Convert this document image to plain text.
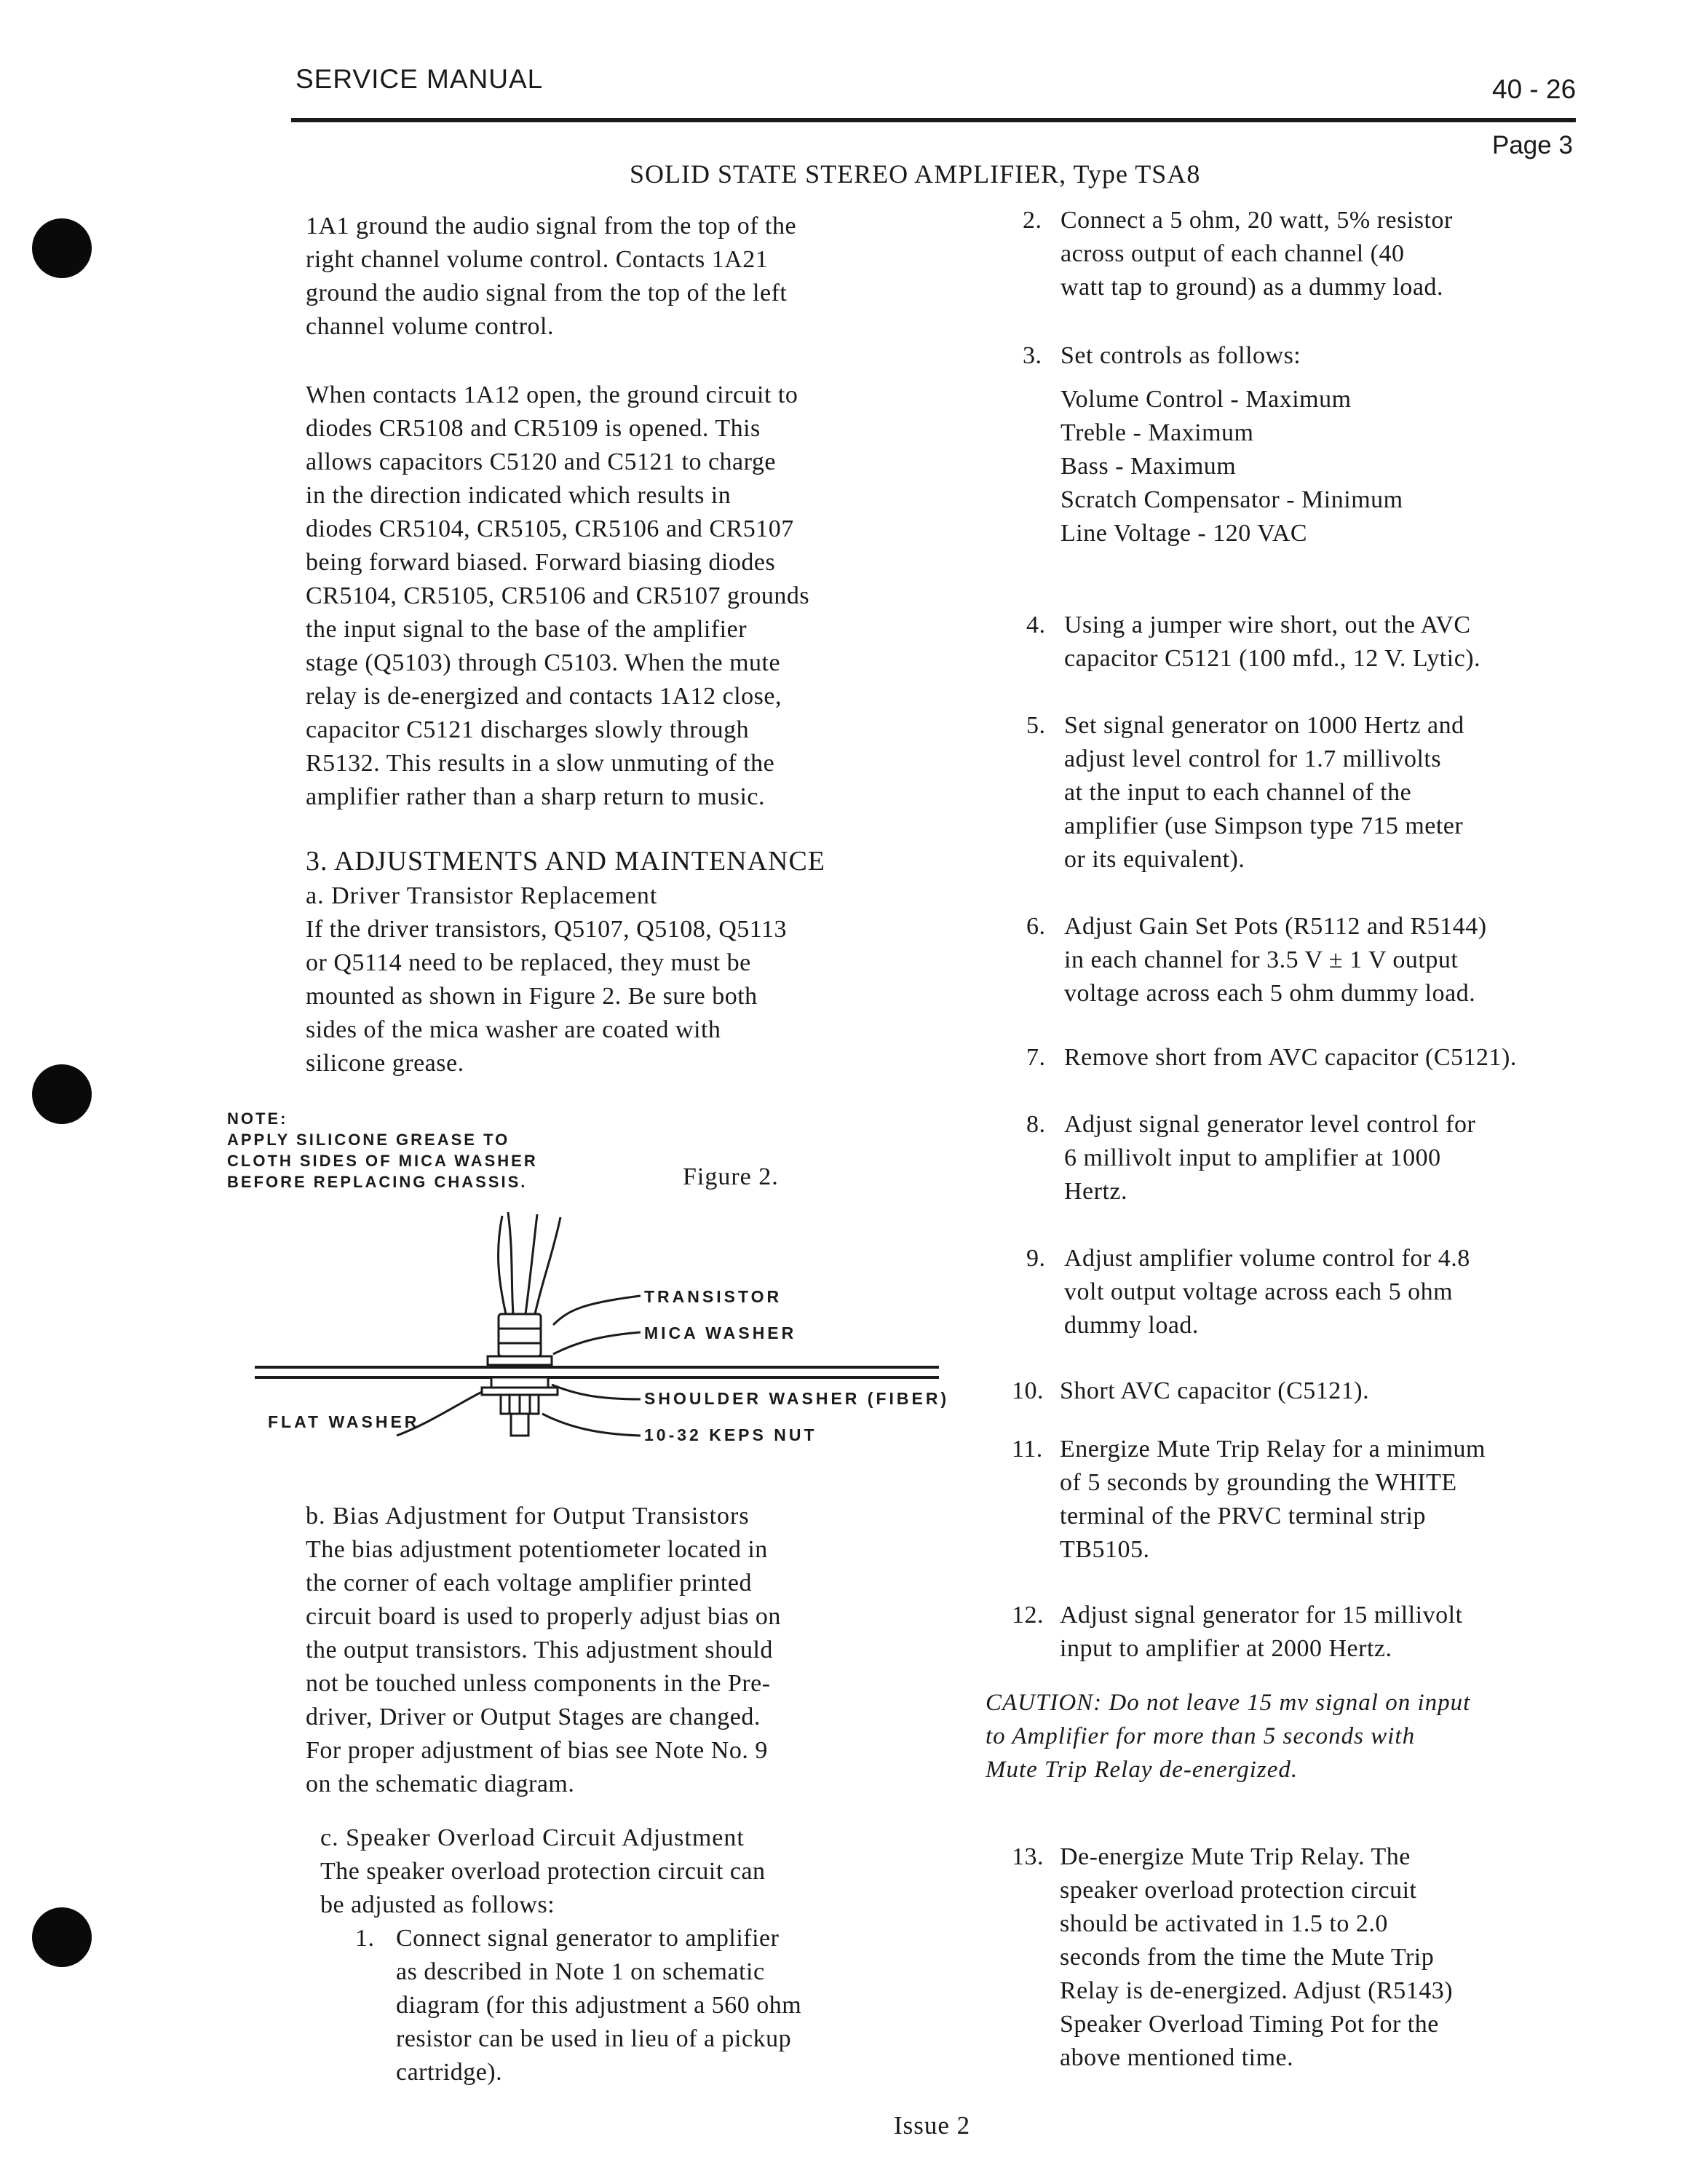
SERVICE MANUAL	40 - 26
Page 3
SOLID STATE STEREO AMPLIFIER, Type TSA8
1A1 ground the audio signal from the top of the
right channel volume control. Contacts 1A21
ground the audio signal from the top of the left
channel volume control.
When contacts 1A12 open, the ground circuit to
diodes CR5108 and CR5109 is opened. This
allows capacitors C5120 and C5121 to charge
in the direction indicated which results in
diodes CR5104, CR5105, CR5106 and CR5107
being forward biased. Forward biasing diodes
CR5104, CR5105, CR5106 and CR5107 grounds
the input signal to the base of the amplifier
stage (Q5103) through C5103. When the mute
relay is de-energized and contacts 1A12 close,
capacitor C5121 discharges slowly through
R5132. This results in a slow unmuting of the
amplifier rather than a sharp return to music.
3. ADJUSTMENTS AND MAINTENANCE
a. Driver Transistor Replacement
If the driver transistors, Q5107, Q5108, Q5113
or Q5114 need to be replaced, they must be
mounted as shown in Figure 2. Be sure both
sides of the mica washer are coated with
silicone grease.
NOTE:
APPLY SILICONE GREASE TO
CLOTH SIDES OF MICA WASHER
BEFORE REPLACING CHASSIS.	Figure 2.
TRANSISTOR
MICA WASHER
SHOULDER WASHER (FIBER)
10-32 KEPS NUT
FLAT WASHER
b. Bias Adjustment for Output Transistors
The bias adjustment potentiometer located in
the corner of each voltage amplifier printed
circuit board is used to properly adjust bias on
the output transistors. This adjustment should
not be touched unless components in the Pre-
driver, Driver or Output Stages are changed.
For proper adjustment of bias see Note No. 9
on the schematic diagram.
c. Speaker Overload Circuit Adjustment
The speaker overload protection circuit can
be adjusted as follows:
1. Connect signal generator to amplifier
as described in Note 1 on schematic
diagram (for this adjustment a 560 ohm
resistor can be used in lieu of a pickup
cartridge).
2. Connect a 5 ohm, 20 watt, 5% resistor
across output of each channel (40
watt tap to ground) as a dummy load.
3. Set controls as follows:
Volume Control - Maximum
Treble - Maximum
Bass - Maximum
Scratch Compensator - Minimum
Line Voltage - 120 VAC
4. Using a jumper wire short, out the AVC
capacitor C5121 (100 mfd., 12 V. Lytic).
5. Set signal generator on 1000 Hertz and
adjust level control for 1.7 millivolts
at the input to each channel of the
amplifier (use Simpson type 715 meter
or its equivalent).
6. Adjust Gain Set Pots (R5112 and R5144)
in each channel for 3.5 V ± 1 V output
voltage across each 5 ohm dummy load.
7. Remove short from AVC capacitor (C5121).
8. Adjust signal generator level control for
6 millivolt input to amplifier at 1000
Hertz.
9. Adjust amplifier volume control for 4.8
volt output voltage across each 5 ohm
dummy load.
10. Short AVC capacitor (C5121).
11. Energize Mute Trip Relay for a minimum
of 5 seconds by grounding the WHITE
terminal of the PRVC terminal strip
TB5105.
12. Adjust signal generator for 15 millivolt
input to amplifier at 2000 Hertz.
CAUTION: Do not leave 15 mv signal on input
to Amplifier for more than 5 seconds with
Mute Trip Relay de-energized.
13. De-energize Mute Trip Relay. The
speaker overload protection circuit
should be activated in 1.5 to 2.0
seconds from the time the Mute Trip
Relay is de-energized. Adjust (R5143)
Speaker Overload Timing Pot for the
above mentioned time.
Issue 2
